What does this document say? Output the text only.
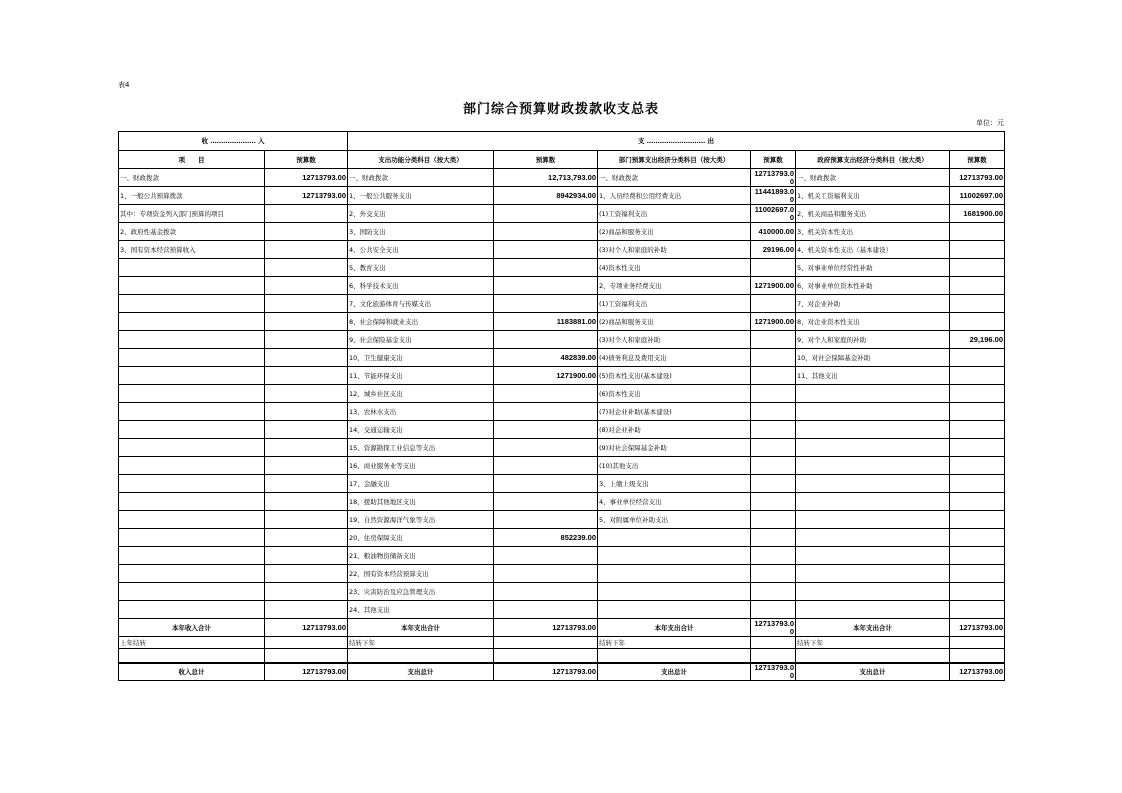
表4
部门综合预算财政拨款收支总表
单位：元
收 ………………… 入		支 ……………………… 出					
项　　目	预算数	支出功能分类科目（按大类）	预算数	部门预算支出经济分类科目（按大类）	预算数	政府预算支出经济分类科目（按大类）	预算数
一、财政拨款	12713793.00	一、财政拨款	12,713,793.00	一、财政拨款	12713793.00	一、财政拨款	12713793.00
1、一般公共预算拨款	12713793.00	1、一般公共服务支出	8942934.00	1、人员经费和公用经费支出	11441893.00	1、机关工资福利支出	11002697.00
其中：专项资金列入部门预算的项目		2、外交支出		(1)工资福利支出	11002697.00	2、机关商品和服务支出	1681900.00
2、政府性基金拨款		3、国防支出		(2)商品和服务支出	410000.00	3、机关资本性支出	
3、国有资本经营预算收入		4、公共安全支出		(3)对个人和家庭的补助	29196.00	4、机关资本性支出（基本建设）	
		5、教育支出		(4)资本性支出		5、对事业单位经常性补助	
		6、科学技术支出		2、专项业务经费支出	1271900.00	6、对事业单位资本性补助	
		7、文化旅游体育与传媒支出		(1)工资福利支出		7、对企业补助	
		8、社会保障和就业支出	1183881.00	(2)商品和服务支出	1271900.00	8、对企业资本性支出	
		9、社会保险基金支出		(3)对个人和家庭补助		9、对个人和家庭的补助	29,196.00
		10、卫生健康支出	482839.00	(4)债务利息及费用支出		10、对社会保障基金补助	
		11、节能环保支出	1271900.00	(5)资本性支出(基本建设)		11、其他支出	
		12、城乡社区支出		(6)资本性支出			
		13、农林水支出		(7)对企业补助(基本建设)			
		14、交通运输支出		(8)对企业补助			
		15、资源勘探工业信息等支出		(9)对社会保障基金补助			
		16、商业服务业等支出		(10)其他支出			
		17、金融支出		3、上缴上级支出			
		18、援助其他地区支出		4、事业单位经营支出			
		19、自然资源海洋气象等支出		5、对附属单位补助支出			
		20、住房保障支出	852239.00				
		21、粮油物资储备支出					
		22、国有资本经营预算支出					
		23、灾害防治及应急管理支出					
		24、其他支出					
本年收入合计	12713793.00	本年支出合计	12713793.00	本年支出合计	12713793.00	本年支出合计	12713793.00
上年结转		结转下年		结转下年		结转下年	

收入总计	12713793.00	支出总计	12713793.00	支出总计	12713793.00	支出总计	12713793.00
